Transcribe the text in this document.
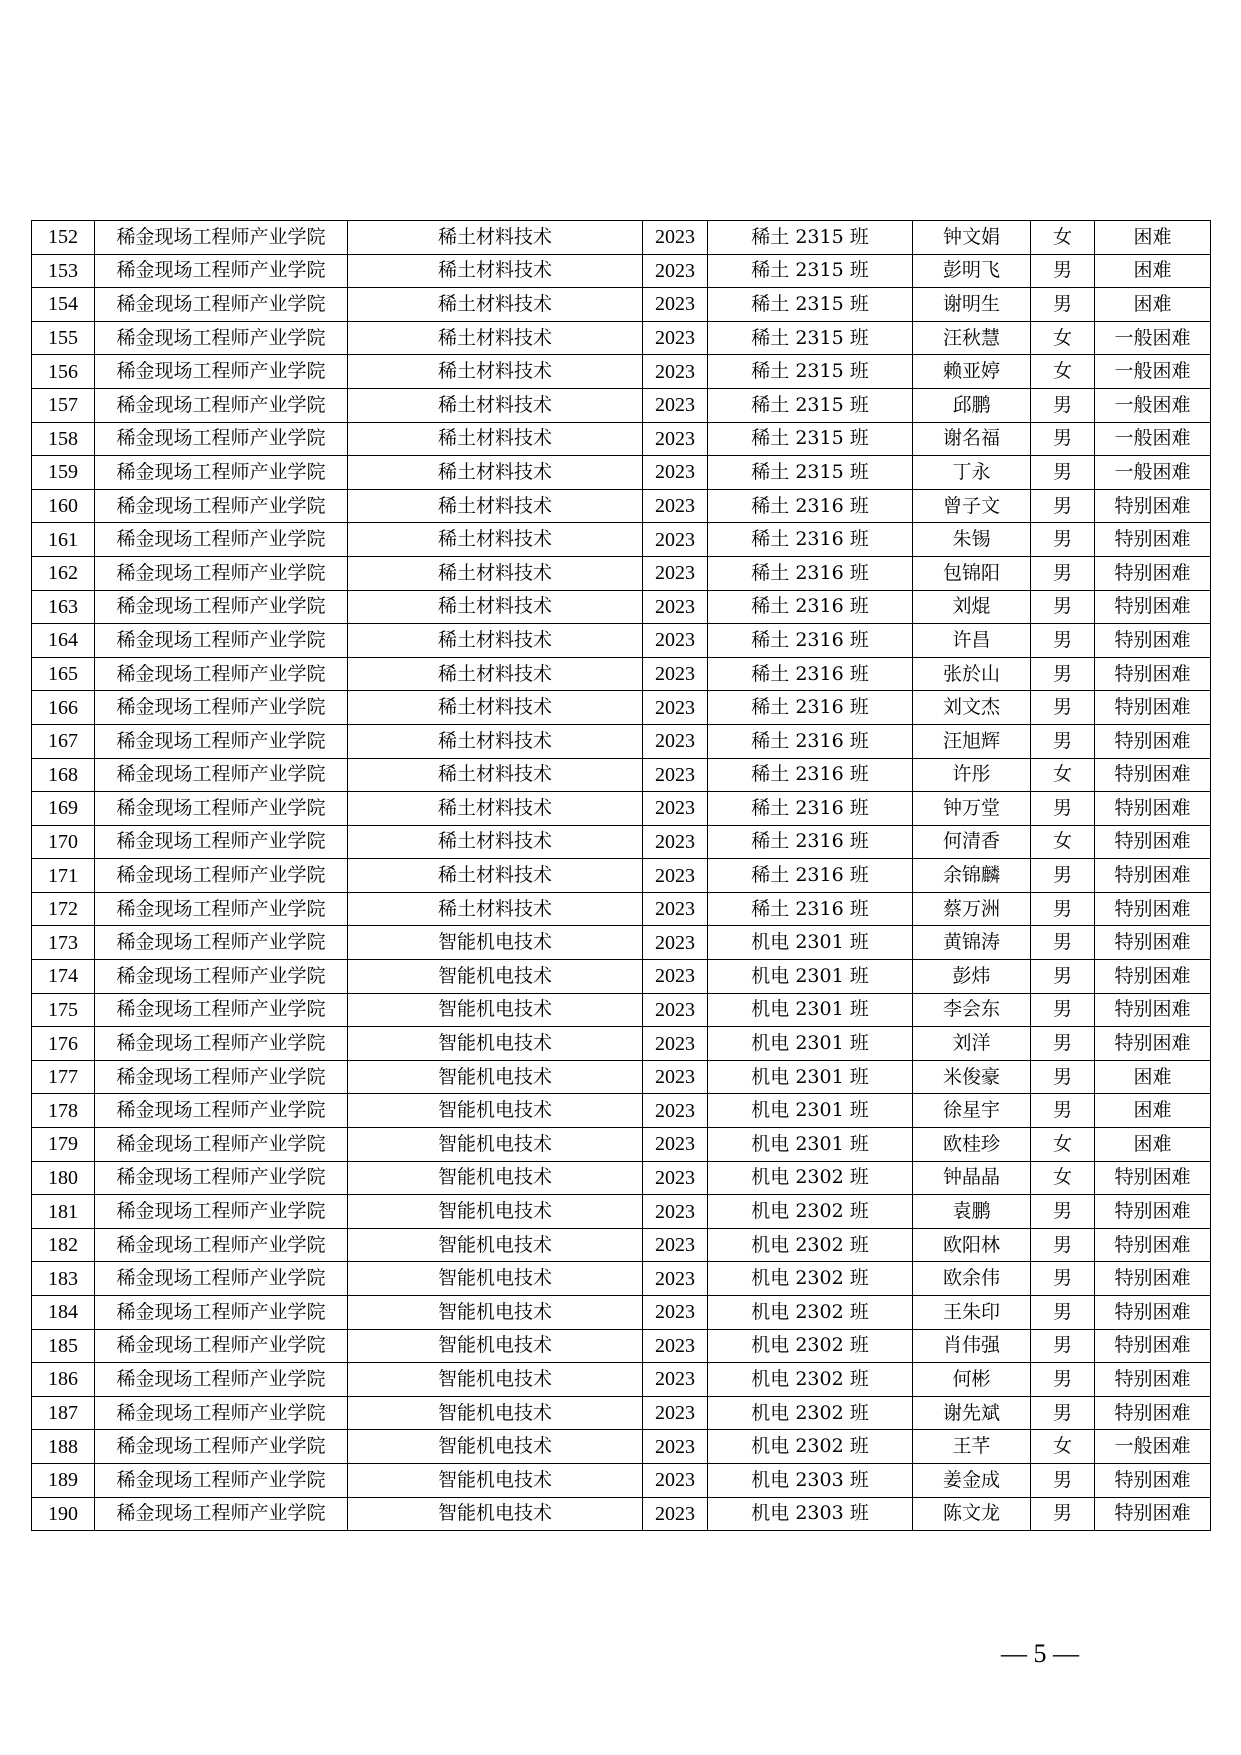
152	稀金现场工程师产业学院	稀土材料技术	2023	稀土 2315 班	钟文娟	女	困难
153	稀金现场工程师产业学院	稀土材料技术	2023	稀土 2315 班	彭明飞	男	困难
154	稀金现场工程师产业学院	稀土材料技术	2023	稀土 2315 班	谢明生	男	困难
155	稀金现场工程师产业学院	稀土材料技术	2023	稀土 2315 班	汪秋慧	女	一般困难
156	稀金现场工程师产业学院	稀土材料技术	2023	稀土 2315 班	赖亚婷	女	一般困难
157	稀金现场工程师产业学院	稀土材料技术	2023	稀土 2315 班	邱鹏	男	一般困难
158	稀金现场工程师产业学院	稀土材料技术	2023	稀土 2315 班	谢名福	男	一般困难
159	稀金现场工程师产业学院	稀土材料技术	2023	稀土 2315 班	丁永	男	一般困难
160	稀金现场工程师产业学院	稀土材料技术	2023	稀土 2316 班	曾子文	男	特别困难
161	稀金现场工程师产业学院	稀土材料技术	2023	稀土 2316 班	朱锡	男	特别困难
162	稀金现场工程师产业学院	稀土材料技术	2023	稀土 2316 班	包锦阳	男	特别困难
163	稀金现场工程师产业学院	稀土材料技术	2023	稀土 2316 班	刘焜	男	特别困难
164	稀金现场工程师产业学院	稀土材料技术	2023	稀土 2316 班	许昌	男	特别困难
165	稀金现场工程师产业学院	稀土材料技术	2023	稀土 2316 班	张於山	男	特别困难
166	稀金现场工程师产业学院	稀土材料技术	2023	稀土 2316 班	刘文杰	男	特别困难
167	稀金现场工程师产业学院	稀土材料技术	2023	稀土 2316 班	汪旭辉	男	特别困难
168	稀金现场工程师产业学院	稀土材料技术	2023	稀土 2316 班	许彤	女	特别困难
169	稀金现场工程师产业学院	稀土材料技术	2023	稀土 2316 班	钟万堂	男	特别困难
170	稀金现场工程师产业学院	稀土材料技术	2023	稀土 2316 班	何清香	女	特别困难
171	稀金现场工程师产业学院	稀土材料技术	2023	稀土 2316 班	余锦麟	男	特别困难
172	稀金现场工程师产业学院	稀土材料技术	2023	稀土 2316 班	蔡万洲	男	特别困难
173	稀金现场工程师产业学院	智能机电技术	2023	机电 2301 班	黄锦涛	男	特别困难
174	稀金现场工程师产业学院	智能机电技术	2023	机电 2301 班	彭炜	男	特别困难
175	稀金现场工程师产业学院	智能机电技术	2023	机电 2301 班	李会东	男	特别困难
176	稀金现场工程师产业学院	智能机电技术	2023	机电 2301 班	刘洋	男	特别困难
177	稀金现场工程师产业学院	智能机电技术	2023	机电 2301 班	米俊豪	男	困难
178	稀金现场工程师产业学院	智能机电技术	2023	机电 2301 班	徐星宇	男	困难
179	稀金现场工程师产业学院	智能机电技术	2023	机电 2301 班	欧桂珍	女	困难
180	稀金现场工程师产业学院	智能机电技术	2023	机电 2302 班	钟晶晶	女	特别困难
181	稀金现场工程师产业学院	智能机电技术	2023	机电 2302 班	袁鹏	男	特别困难
182	稀金现场工程师产业学院	智能机电技术	2023	机电 2302 班	欧阳林	男	特别困难
183	稀金现场工程师产业学院	智能机电技术	2023	机电 2302 班	欧余伟	男	特别困难
184	稀金现场工程师产业学院	智能机电技术	2023	机电 2302 班	王朱印	男	特别困难
185	稀金现场工程师产业学院	智能机电技术	2023	机电 2302 班	肖伟强	男	特别困难
186	稀金现场工程师产业学院	智能机电技术	2023	机电 2302 班	何彬	男	特别困难
187	稀金现场工程师产业学院	智能机电技术	2023	机电 2302 班	谢先斌	男	特别困难
188	稀金现场工程师产业学院	智能机电技术	2023	机电 2302 班	王芊	女	一般困难
189	稀金现场工程师产业学院	智能机电技术	2023	机电 2303 班	姜金成	男	特别困难
190	稀金现场工程师产业学院	智能机电技术	2023	机电 2303 班	陈文龙	男	特别困难
— 5 —
